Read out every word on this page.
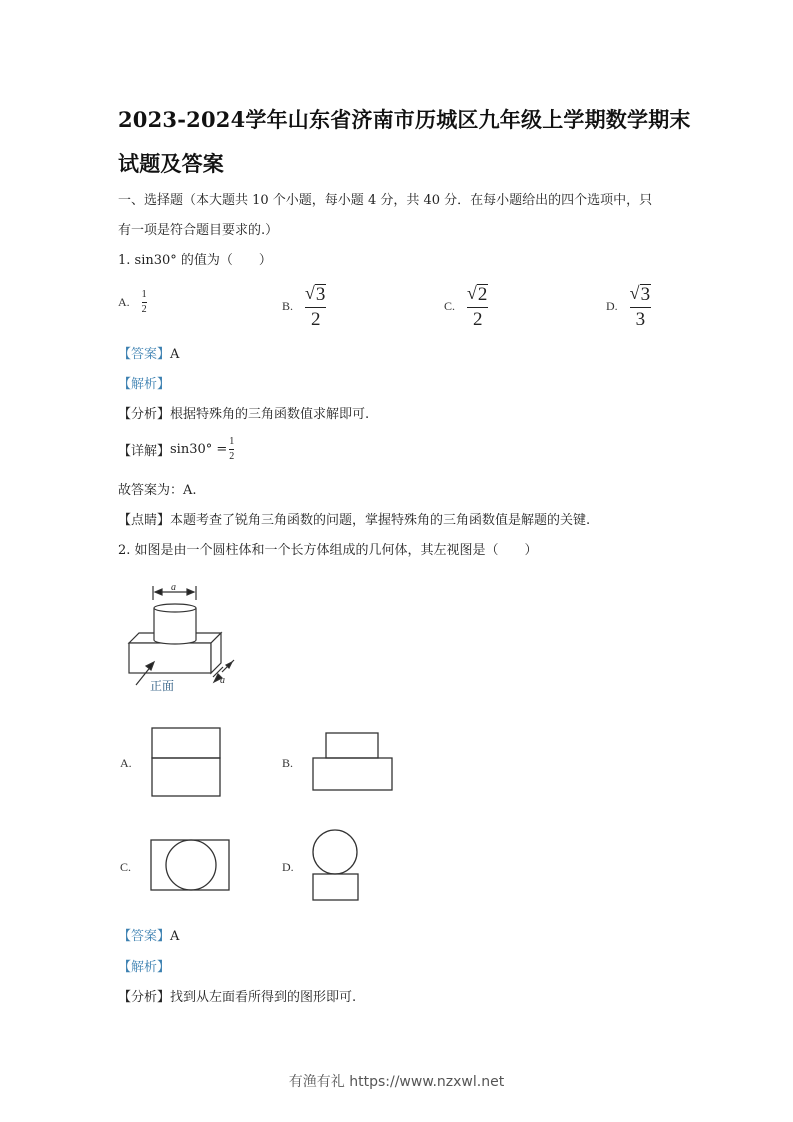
2023-2024学年山东省济南市历城区九年级上学期数学期末
试题及答案
一、选择题（本大题共 10 个小题，每小题 4 分，共 40 分．在每小题给出的四个选项中，只
有一项是符合题目要求的.）
1. sin30° 的值为（　　）
A. $\frac{1}{2}$	B. $\frac{√ 3}{2}$	C. $\frac{√ 2}{2}$	D. $\frac{√ 3}{3}$
【答案】A
【解析】
【分析】根据特殊角的三角函数值求解即可.
【详解】 $\sin 30^\circ = \frac{1}{2}$
故答案为：A.
【点睛】本题考查了锐角三角函数的问题，掌握特殊角的三角函数值是解题的关键.
2. 如图是由一个圆柱体和一个长方体组成的几何体，其左视图是（　　）
a
a
正面
A.	B.
C.	D.
【答案】A
【解析】
【分析】找到从左面看所得到的图形即可.
有渔有礼 https://www.nzxwl.net
